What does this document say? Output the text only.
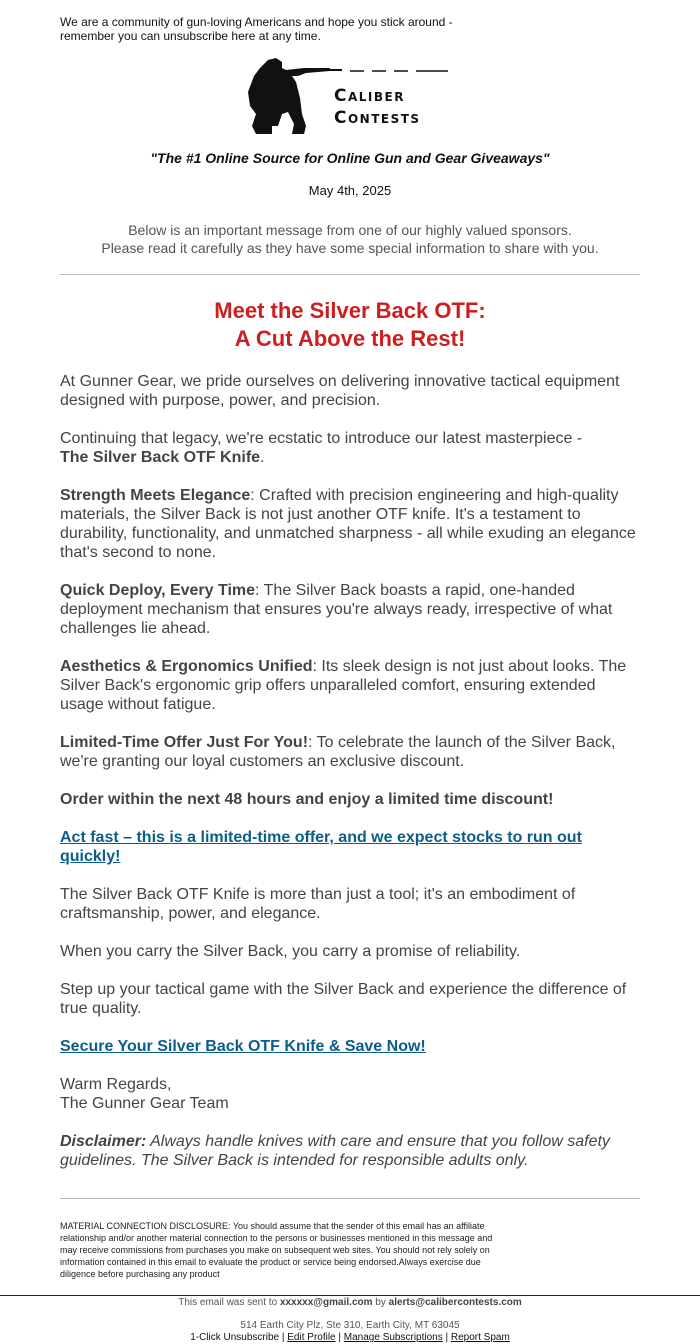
We are a community of gun-loving Americans and hope you stick around - remember you can unsubscribe here at any time.
Caliber
Contests
"The #1 Online Source for Online Gun and Gear Giveaways"
May 4th, 2025
Below is an important message from one of our highly valued sponsors.
Please read it carefully as they have some special information to share with you.
Meet the Silver Back OTF:
A Cut Above the Rest!

At Gunner Gear, we pride ourselves on delivering innovative tactical equipment designed with purpose, power, and precision.

Continuing that legacy, we're ecstatic to introduce our latest masterpiece -
The Silver Back OTF Knife.

Strength Meets Elegance: Crafted with precision engineering and high-quality materials, the Silver Back is not just another OTF knife. It's a testament to durability, functionality, and unmatched sharpness - all while exuding an elegance that's second to none.

Quick Deploy, Every Time: The Silver Back boasts a rapid, one-handed deployment mechanism that ensures you're always ready, irrespective of what challenges lie ahead.

Aesthetics & Ergonomics Unified: Its sleek design is not just about looks. The Silver Back's ergonomic grip offers unparalleled comfort, ensuring extended usage without fatigue.

Limited-Time Offer Just For You!: To celebrate the launch of the Silver Back, we're granting our loyal customers an exclusive discount.

Order within the next 48 hours and enjoy a limited time discount!

Act fast – this is a limited-time offer, and we expect stocks to run out quickly!

The Silver Back OTF Knife is more than just a tool; it's an embodiment of craftsmanship, power, and elegance.

When you carry the Silver Back, you carry a promise of reliability.

Step up your tactical game with the Silver Back and experience the difference of true quality.

Secure Your Silver Back OTF Knife & Save Now!

Warm Regards,
The Gunner Gear Team

Disclaimer: Always handle knives with care and ensure that you follow safety guidelines. The Silver Back is intended for responsible adults only.

MATERIAL CONNECTION DISCLOSURE: You should assume that the sender of this email has an affiliate relationship and/or another material connection to the persons or businesses mentioned in this message and may receive commissions from purchases you make on subsequent web sites. You should not rely solely on information contained in this email to evaluate the product or service being endorsed.Always exercise due diligence before purchasing any product
This email was sent to xxxxxx@gmail.com by alerts@calibercontests.com
514 Earth City Plz, Ste 310, Earth City, MT 63045
1-Click Unsubscribe | Edit Profile | Manage Subscriptions | Report Spam
